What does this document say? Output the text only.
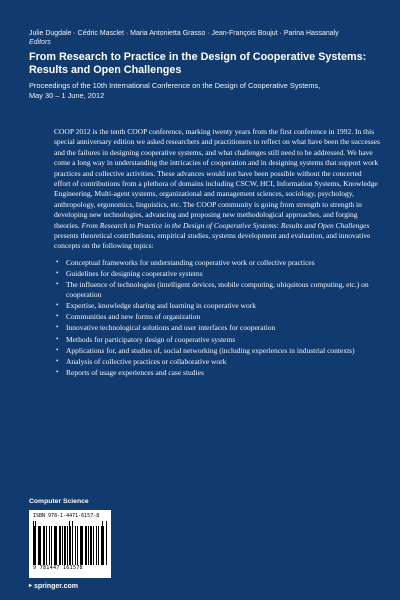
Julie Dugdale · Cédric Masclet · Maria Antonietta Grasso · Jean-François Boujut · Parina Hassanaly
Editors
From Research to Practice in the Design of Cooperative Systems: Results and Open Challenges
Proceedings of the 10th International Conference on the Design of Cooperative Systems,
May 30 – 1 June, 2012

COOP 2012 is the tenth COOP conference, marking twenty years from the first conference in 1992. In this special anniversary edition we asked researchers and practitioners to reflect on what have been the successes and the failures in designing cooperative systems, and what challenges still need to be addressed. We have come a long way in understanding the intricacies of cooperation and in designing systems that support work practices and collective activities. These advances would not have been possible without the concerted effort of contributions from a plethora of domains including CSCW, HCI, Information Systems, Knowledge Engineering, Multi-agent systems, organizational and management sciences, sociology, psychology, anthropology, ergonomics, linguistics, etc. The COOP community is going from strength to strength in developing new technologies, advancing and proposing new methodological approaches, and forging theories. From Research to Practice in the Design of Cooperative Systems: Results and Open Challenges presents theoretical contributions, empirical studies, systems development and evaluation, and innovative concepts on the following topics:

• Conceptual frameworks for understanding cooperative work or collective practices
• Guidelines for designing cooperative systems
• The influence of technologies (intelligent devices, mobile computing, ubiquitous computing, etc.) on cooperation
• Expertise, knowledge sharing and learning in cooperative work
• Communities and new forms of organization
• Innovative technological solutions and user interfaces for cooperation
• Methods for participatory design of cooperative systems
• Applications for, and studies of, social networking (including experiences in industrial contexts)
• Analysis of collective practices or collaborative work
• Reports of usage experiences and case studies
Computer Science
ISBN 978-1-4471-6157-8
9 781447 161578
▸ springer.com
